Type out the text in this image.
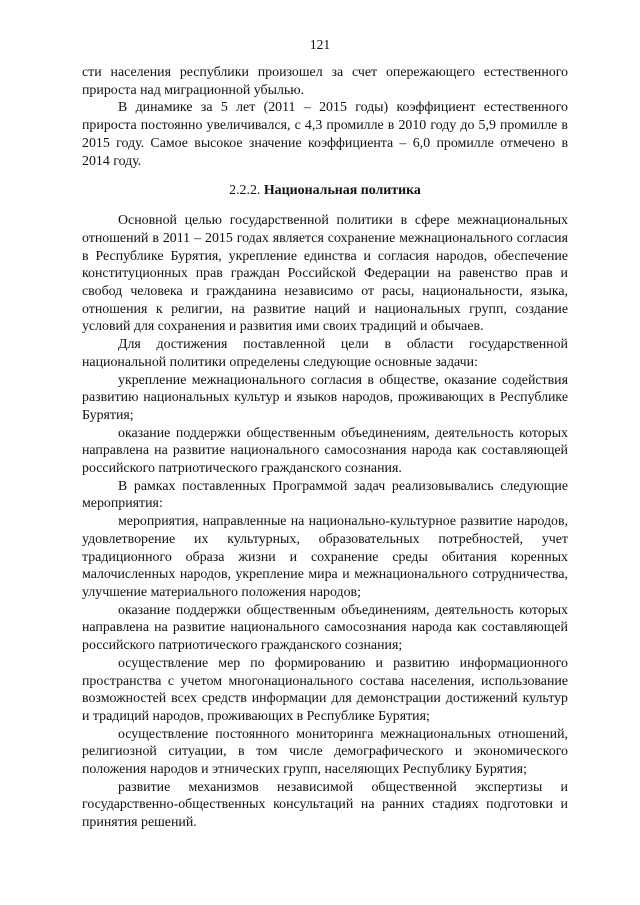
121

сти населения республики произошел за счет опережающего естественного прироста над миграционной убылью.

В динамике за 5 лет (2011 – 2015 годы) коэффициент естественного прироста постоянно увеличивался, с 4,3 промилле в 2010 году до 5,9 промилле в 2015 году. Самое высокое значение коэффициента – 6,0 промилле отмечено в 2014 году.

2.2.2. Национальная политика

Основной целью государственной политики в сфере межнациональных отношений в 2011 – 2015 годах является сохранение межнационального согласия в Республике Бурятия, укрепление единства и согласия народов, обеспечение конституционных прав граждан Российской Федерации на равенство прав и свобод человека и гражданина независимо от расы, национальности, языка, отношения к религии, на развитие наций и национальных групп, создание условий для сохранения и развития ими своих традиций и обычаев.

Для достижения поставленной цели в области государственной национальной политики определены следующие основные задачи:

укрепление межнационального согласия в обществе, оказание содействия развитию национальных культур и языков народов, проживающих в Республике Бурятия;

оказание поддержки общественным объединениям, деятельность которых направлена на развитие национального самосознания народа как составляющей российского патриотического гражданского сознания.

В рамках поставленных Программой задач реализовывались следующие мероприятия:

мероприятия, направленные на национально-культурное развитие народов, удовлетворение их культурных, образовательных потребностей, учет традиционного образа жизни и сохранение среды обитания коренных малочисленных народов, укрепление мира и межнационального сотрудничества, улучшение материального положения народов;

оказание поддержки общественным объединениям, деятельность которых направлена на развитие национального самосознания народа как составляющей российского патриотического гражданского сознания;

осуществление мер по формированию и развитию информационного пространства с учетом многонационального состава населения, использование возможностей всех средств информации для демонстрации достижений культур и традиций народов, проживающих в Республике Бурятия;

осуществление постоянного мониторинга межнациональных отношений, религиозной ситуации, в том числе демографического и экономического положения народов и этнических групп, населяющих Республику Бурятия;

развитие механизмов независимой общественной экспертизы и государственно-общественных консультаций на ранних стадиях подготовки и принятия решений.
